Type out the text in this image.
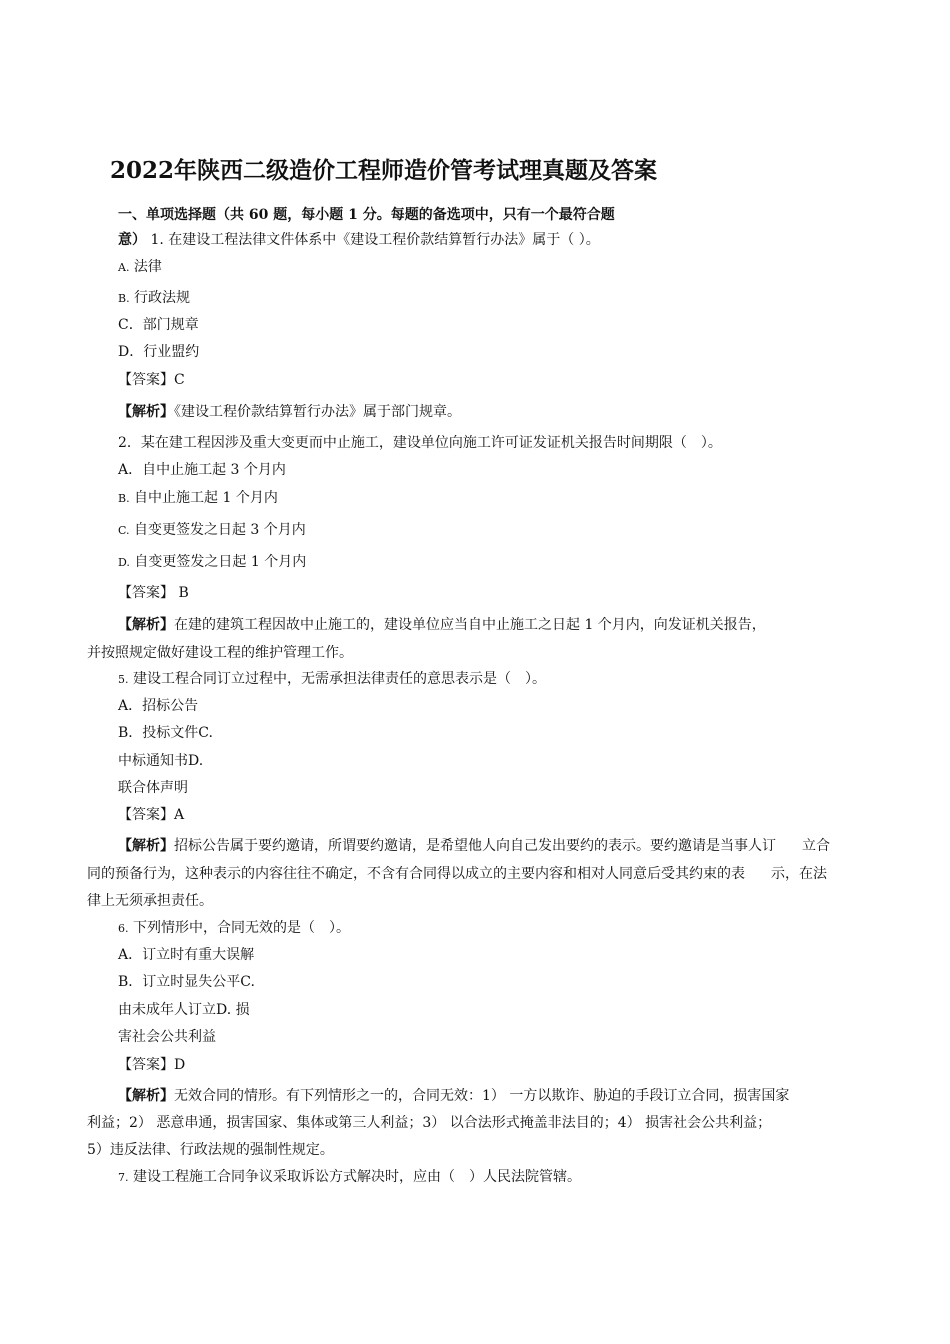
2022年陕西二级造价工程师造价管考试理真题及答案
一、单项选择题（共 60 题，每小题 1 分。每题的备选项中，只有一个最符合题
意） 1. 在建设工程法律文件体系中《建设工程价款结算暂行办法》属于（ ）。
A. 法律
B. 行政法规
C．部门规章
D．行业盟约
【答案】C
【解析】《建设工程价款结算暂行办法》属于部门规章。
2．某在建工程因涉及重大变更而中止施工，建设单位向施工许可证发证机关报告时间期限（　）。
A．自中止施工起 3 个月内
B. 自中止施工起 1 个月内
C. 自变更签发之日起 3 个月内
D. 自变更签发之日起 1 个月内
【答案】 B
【解析】在建的建筑工程因故中止施工的，建设单位应当自中止施工之日起 1 个月内，向发证机关报告，
并按照规定做好建设工程的维护管理工作。
5. 建设工程合同订立过程中，无需承担法律责任的意思表示是（　）。
A．招标公告
B．投标文件C.
中标通知书D.
联合体声明
【答案】A
【解析】招标公告属于要约邀请，所谓要约邀请，是希望他人向自己发出要约的表示。要约邀请是当事人订 立合
同的预备行为，这种表示的内容往往不确定，不含有合同得以成立的主要内容和相对人同意后受其约束的表 示，在法
律上无须承担责任。
6. 下列情形中，合同无效的是（　）。
A．订立时有重大误解
B．订立时显失公平C.
由未成年人订立D. 损
害社会公共利益
【答案】D
【解析】无效合同的情形。有下列情形之一的，合同无效：1） 一方以欺诈、胁迫的手段订立合同，损害国家
利益；2） 恶意串通，损害国家、集体或第三人利益；3） 以合法形式掩盖非法目的；4） 损害社会公共利益；
5）违反法律、行政法规的强制性规定。
7. 建设工程施工合同争议采取诉讼方式解决时，应由（　）人民法院管辖。
